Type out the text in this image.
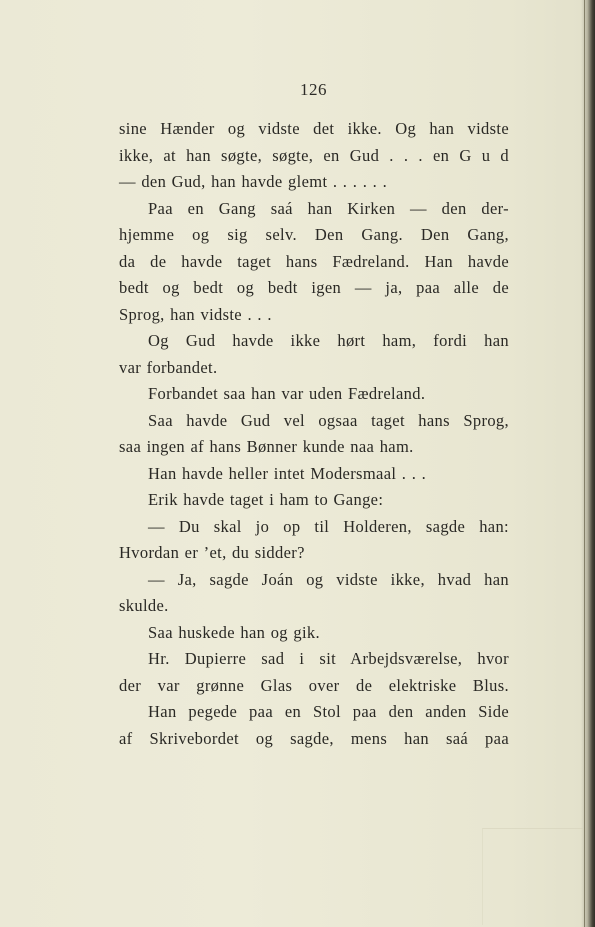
126
sine Hænder og vidste det ikke. Og han vidste
ikke, at han søgte, søgte, en Gud . . . en G u d
— den Gud, han havde glemt . . . . . .
Paa en Gang saá han Kirken — den der-
hjemme og sig selv. Den Gang. Den Gang,
da de havde taget hans Fædreland. Han havde
bedt og bedt og bedt igen — ja, paa alle de
Sprog, han vidste . . .
Og Gud havde ikke hørt ham, fordi han
var forbandet.
Forbandet saa han var uden Fædreland.
Saa havde Gud vel ogsaa taget hans Sprog,
saa ingen af hans Bønner kunde naa ham.
Han havde heller intet Modersmaal . . .
Erik havde taget i ham to Gange:
— Du skal jo op til Holderen, sagde han:
Hvordan er ’et, du sidder?
— Ja, sagde Joán og vidste ikke, hvad han
skulde.
Saa huskede han og gik.
Hr. Dupierre sad i sit Arbejdsværelse, hvor
der var grønne Glas over de elektriske Blus.
Han pegede paa en Stol paa den anden Side
af Skrivebordet og sagde, mens han saá paa
